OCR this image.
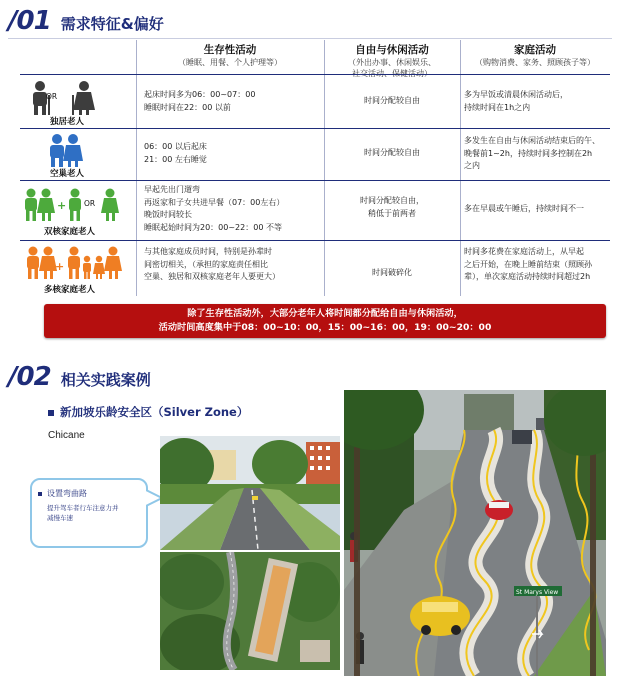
/01 需求特征&偏好
生存性活动
（睡眠、用餐、个人护理等）
自由与休闲活动
（外出办事、休闲娱乐、
社交活动、保健活动）
家庭活动
（购物消费、家务、照顾孩子等）
OR
独居老人
起床时间多为06：00~07：00
睡眠时间在22：00 以前
时间分配较自由
多为早饭或清晨休闲活动后，
持续时间在1h之内
空巢老人
06：00 以后起床
21：00 左右睡觉
时间分配较自由
多发生在自由与休闲活动结束后的午、
晚餐前1~2h，持续时间多控制在2h
之内
+ OR
双核家庭老人
早起先出门遛弯
再返家和子女共进早餐（07：00左右）
晚饭时间较长
睡眠起始时间为20：00~22：00 不等
时间分配较自由，
稍低于前两者	多在早晨或午睡后，持续时间不一
+
多核家庭老人
与其他家庭成员时间，特别是孙辈时
间密切相关，（承担的家庭责任相比
空巢、独居和双核家庭老年人要更大）	时间破碎化
时间多花费在家庭活动上，从早起
之后开始，在晚上睡前结束（照顾孙
辈），单次家庭活动持续时间超过2h
除了生存性活动外，大部分老年人将时间都分配给自由与休闲活动，
活动时间高度集中于08：00~10：00，15：00~16：00，19：00~20：00
/02 相关实践案例
新加坡乐龄安全区（Silver Zone）
Chicane
设置弯曲路
提升驾车者行车注意力并
减慢车速
St Marys View
